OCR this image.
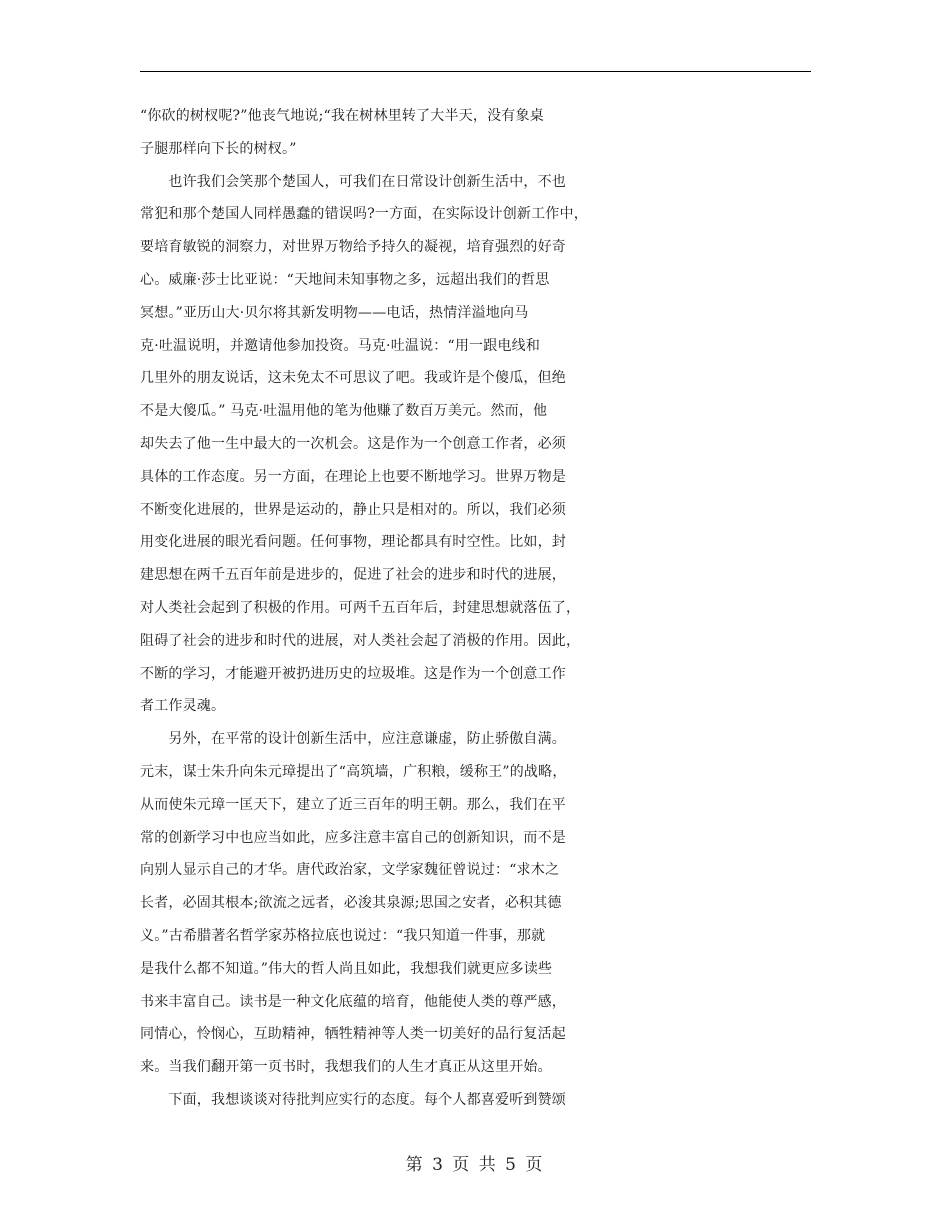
“你砍的树杈呢?”他丧气地说;“我在树林里转了大半天，没有象桌
子腿那样向下长的树杈。”
　　也许我们会笑那个楚国人，可我们在日常设计创新生活中，不也
常犯和那个楚国人同样愚蠢的错误吗?一方面，在实际设计创新工作中，
要培育敏锐的洞察力，对世界万物给予持久的凝视，培育强烈的好奇
心。威廉·莎士比亚说：“天地间未知事物之多，远超出我们的哲思
冥想。”亚历山大·贝尔将其新发明物——电话，热情洋溢地向马
克·吐温说明，并邀请他参加投资。马克·吐温说：“用一跟电线和
几里外的朋友说话，这未免太不可思议了吧。我或许是个傻瓜，但绝
不是大傻瓜。” 马克·吐温用他的笔为他赚了数百万美元。然而，他
却失去了他一生中最大的一次机会。这是作为一个创意工作者，必须
具体的工作态度。另一方面，在理论上也要不断地学习。世界万物是
不断变化进展的，世界是运动的，静止只是相对的。所以，我们必须
用变化进展的眼光看问题。任何事物，理论都具有时空性。比如，封
建思想在两千五百年前是进步的，促进了社会的进步和时代的进展，
对人类社会起到了积极的作用。可两千五百年后，封建思想就落伍了，
阻碍了社会的进步和时代的进展，对人类社会起了消极的作用。因此，
不断的学习，才能避开被扔进历史的垃圾堆。这是作为一个创意工作
者工作灵魂。
　　另外，在平常的设计创新生活中，应注意谦虚，防止骄傲自满。
元末，谋士朱升向朱元璋提出了“高筑墙，广积粮，缓称王”的战略，
从而使朱元璋一匡天下，建立了近三百年的明王朝。那么，我们在平
常的创新学习中也应当如此，应多注意丰富自己的创新知识，而不是
向别人显示自己的才华。唐代政治家，文学家魏征曾说过：“求木之
长者，必固其根本;欲流之远者，必浚其泉源;思国之安者，必积其德
义。”古希腊著名哲学家苏格拉底也说过：“我只知道一件事，那就
是我什么都不知道。”伟大的哲人尚且如此，我想我们就更应多读些
书来丰富自己。读书是一种文化底蕴的培育，他能使人类的尊严感，
同情心，怜悯心，互助精神，牺牲精神等人类一切美好的品行复活起
来。当我们翻开第一页书时，我想我们的人生才真正从这里开始。
　　下面，我想谈谈对待批判应实行的态度。每个人都喜爱听到赞颂
第 3 页 共 5 页
